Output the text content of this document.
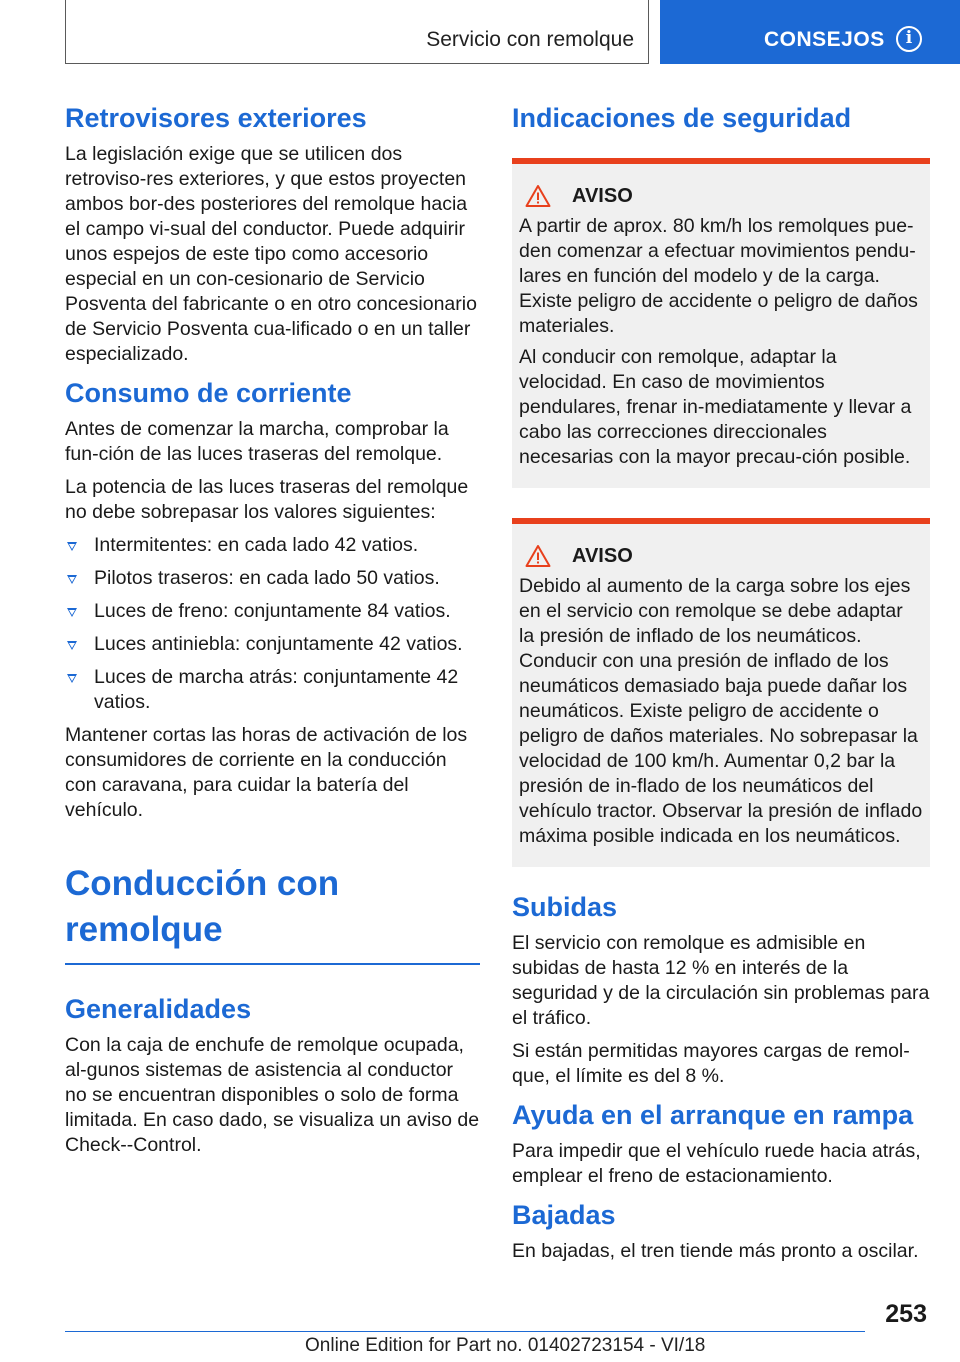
Servicio con remolque	CONSEJOS	i
Retrovisores exteriores

La legislación exige que se utilicen dos retroviso-res exteriores, y que estos proyecten ambos bor-des posteriores del remolque hacia el campo vi-sual del conductor. Puede adquirir unos espejos de este tipo como accesorio especial en un con-cesionario de Servicio Posventa del fabricante o en otro concesionario de Servicio Posventa cua-lificado o en un taller especializado.

Consumo de corriente

Antes de comenzar la marcha, comprobar la fun-ción de las luces traseras del remolque.

La potencia de las luces traseras del remolque no debe sobrepasar los valores siguientes:

Intermitentes: en cada lado 42 vatios.
Pilotos traseros: en cada lado 50 vatios.
Luces de freno: conjuntamente 84 vatios.
Luces antiniebla: conjuntamente 42 vatios.
Luces de marcha atrás: conjuntamente 42 vatios.

Mantener cortas las horas de activación de los consumidores de corriente en la conducción con caravana, para cuidar la batería del vehículo.

Conducción con remolque
Generalidades

Con la caja de enchufe de remolque ocupada, al-gunos sistemas de asistencia al conductor no se encuentran disponibles o solo de forma limitada. En caso dado, se visualiza un aviso de Check--Control.

Indicaciones de seguridad
AVISO

A partir de aprox. 80 km/h los remolques pue-den comenzar a efectuar movimientos pendu-lares en función del modelo y de la carga. Existe peligro de accidente o peligro de daños materiales.

Al conducir con remolque, adaptar la velocidad. En caso de movimientos pendulares, frenar in-mediatamente y llevar a cabo las correcciones direccionales necesarias con la mayor precau-ción posible.

AVISO

Debido al aumento de la carga sobre los ejes en el servicio con remolque se debe adaptar la presión de inflado de los neumáticos. Conducir con una presión de inflado de los neumáticos demasiado baja puede dañar los neumáticos. Existe peligro de accidente o peligro de daños materiales. No sobrepasar la velocidad de 100 km/h. Aumentar 0,2 bar la presión de in-flado de los neumáticos del vehículo tractor. Observar la presión de inflado máxima posible indicada en los neumáticos.

Subidas

El servicio con remolque es admisible en subidas de hasta 12 % en interés de la seguridad y de la circulación sin problemas para el tráfico.

Si están permitidas mayores cargas de remol-que, el límite es del 8 %.

Ayuda en el arranque en rampa

Para impedir que el vehículo ruede hacia atrás, emplear el freno de estacionamiento.

Bajadas

En bajadas, el tren tiende más pronto a oscilar.

253
Online Edition for Part no. 01402723154 - VI/18
